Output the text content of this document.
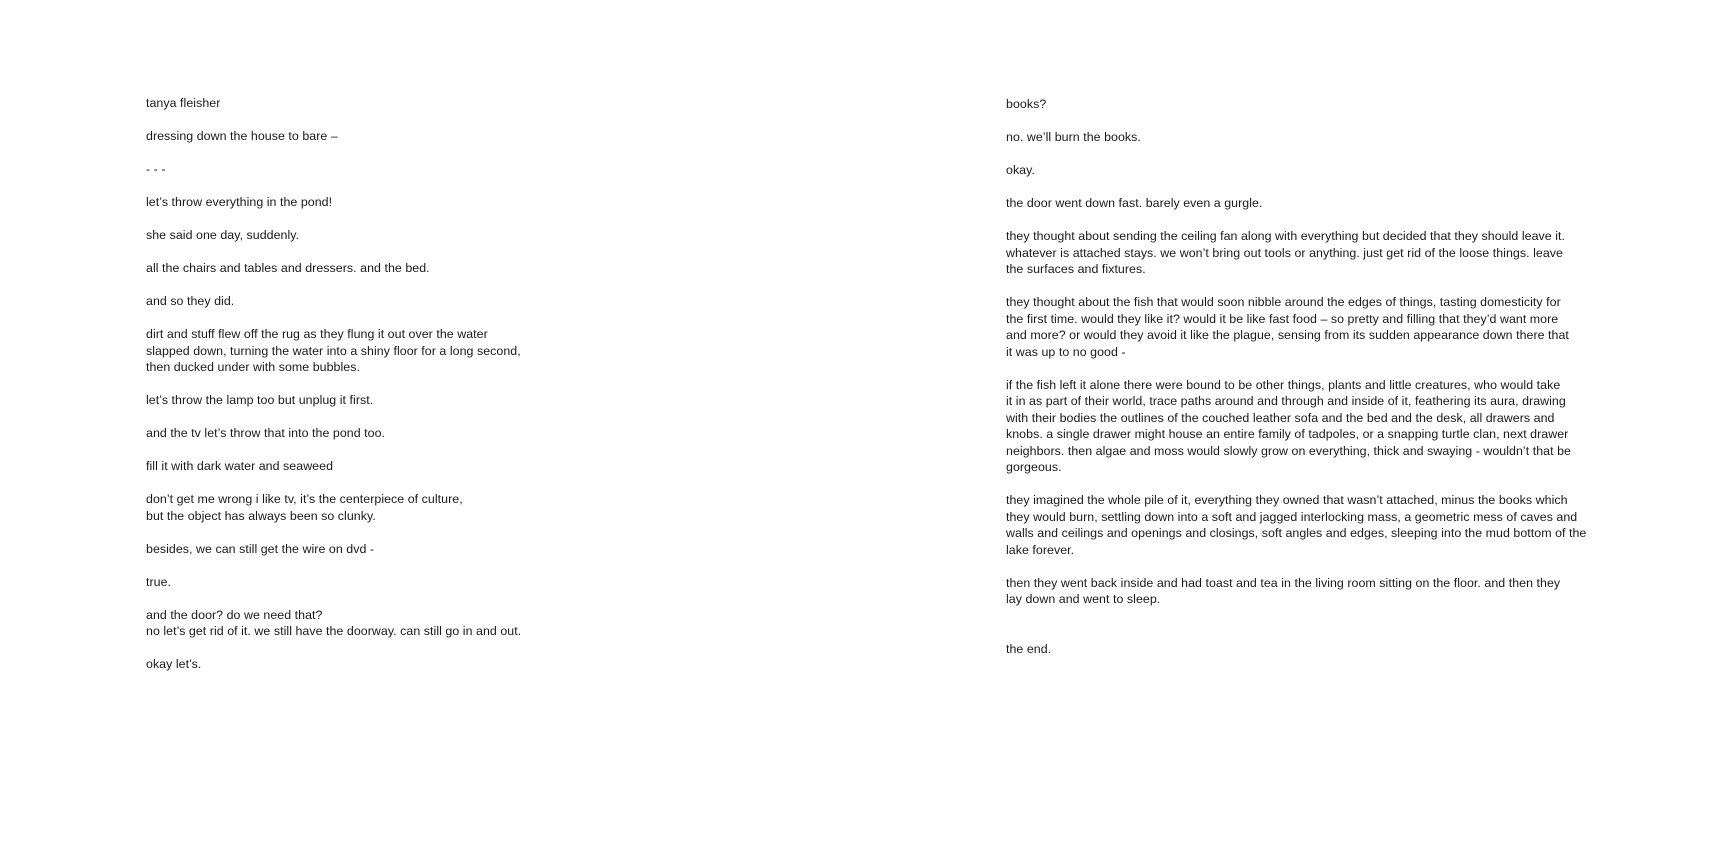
tanya fleisher

dressing down the house to bare –

- - -

let’s throw everything in the pond!

she said one day, suddenly.

all the chairs and tables and dressers. and the bed.

and so they did.

dirt and stuff flew off the rug as they flung it out over the water
slapped down, turning the water into a shiny floor for a long second,
then ducked under with some bubbles.

let’s throw the lamp too but unplug it first.

and the tv let’s throw that into the pond too.

fill it with dark water and seaweed

don’t get me wrong i like tv, it’s the centerpiece of culture,
but the object has always been so clunky.

besides, we can still get the wire on dvd -

true.

and the door? do we need that?
no let’s get rid of it. we still have the doorway. can still go in and out.

okay let’s.

books?

no. we’ll burn the books.

okay.

the door went down fast. barely even a gurgle.

they thought about sending the ceiling fan along with everything but decided that they should leave it.
whatever is attached stays. we won’t bring out tools or anything. just get rid of the loose things. leave
the surfaces and fixtures.

they thought about the fish that would soon nibble around the edges of things, tasting domesticity for
the first time. would they like it? would it be like fast food – so pretty and filling that they’d want more
and more? or would they avoid it like the plague, sensing from its sudden appearance down there that
it was up to no good -

if the fish left it alone there were bound to be other things, plants and little creatures, who would take
it in as part of their world, trace paths around and through and inside of it, feathering its aura, drawing
with their bodies the outlines of the couched leather sofa and the bed and the desk, all drawers and
knobs. a single drawer might house an entire family of tadpoles, or a snapping turtle clan, next drawer
neighbors. then algae and moss would slowly grow on everything, thick and swaying - wouldn’t that be
gorgeous.

they imagined the whole pile of it, everything they owned that wasn’t attached, minus the books which
they would burn, settling down into a soft and jagged interlocking mass, a geometric mess of caves and
walls and ceilings and openings and closings, soft angles and edges, sleeping into the mud bottom of the
lake forever.

then they went back inside and had toast and tea in the living room sitting on the floor. and then they
lay down and went to sleep.

the end.
